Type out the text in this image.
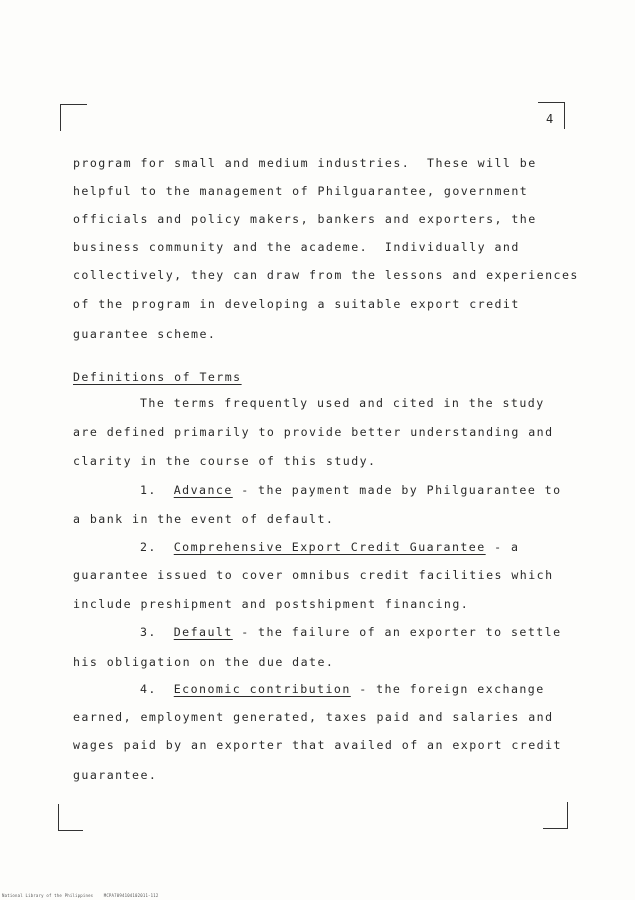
4
program for small and medium industries.  These will be
helpful to the management of Philguarantee, government
officials and policy makers, bankers and exporters, the
business community and the academe.  Individually and
collectively, they can draw from the lessons and experiences
of the program in developing a suitable export credit
guarantee scheme.
Definitions of Terms
The terms frequently used and cited in the study
are defined primarily to provide better understanding and
clarity in the course of this study.
1. Advance - the payment made by Philguarantee to
a bank in the event of default.
2. Comprehensive Export Credit Guarantee - a
guarantee issued to cover omnibus credit facilities which
include preshipment and postshipment financing.
3. Default - the failure of an exporter to settle
his obligation on the due date.
4. Economic contribution - the foreign exchange
earned, employment generated, taxes paid and salaries and
wages paid by an exporter that availed of an export credit
guarantee.
National Library of the Philippines    MCPA7094104102011-112
